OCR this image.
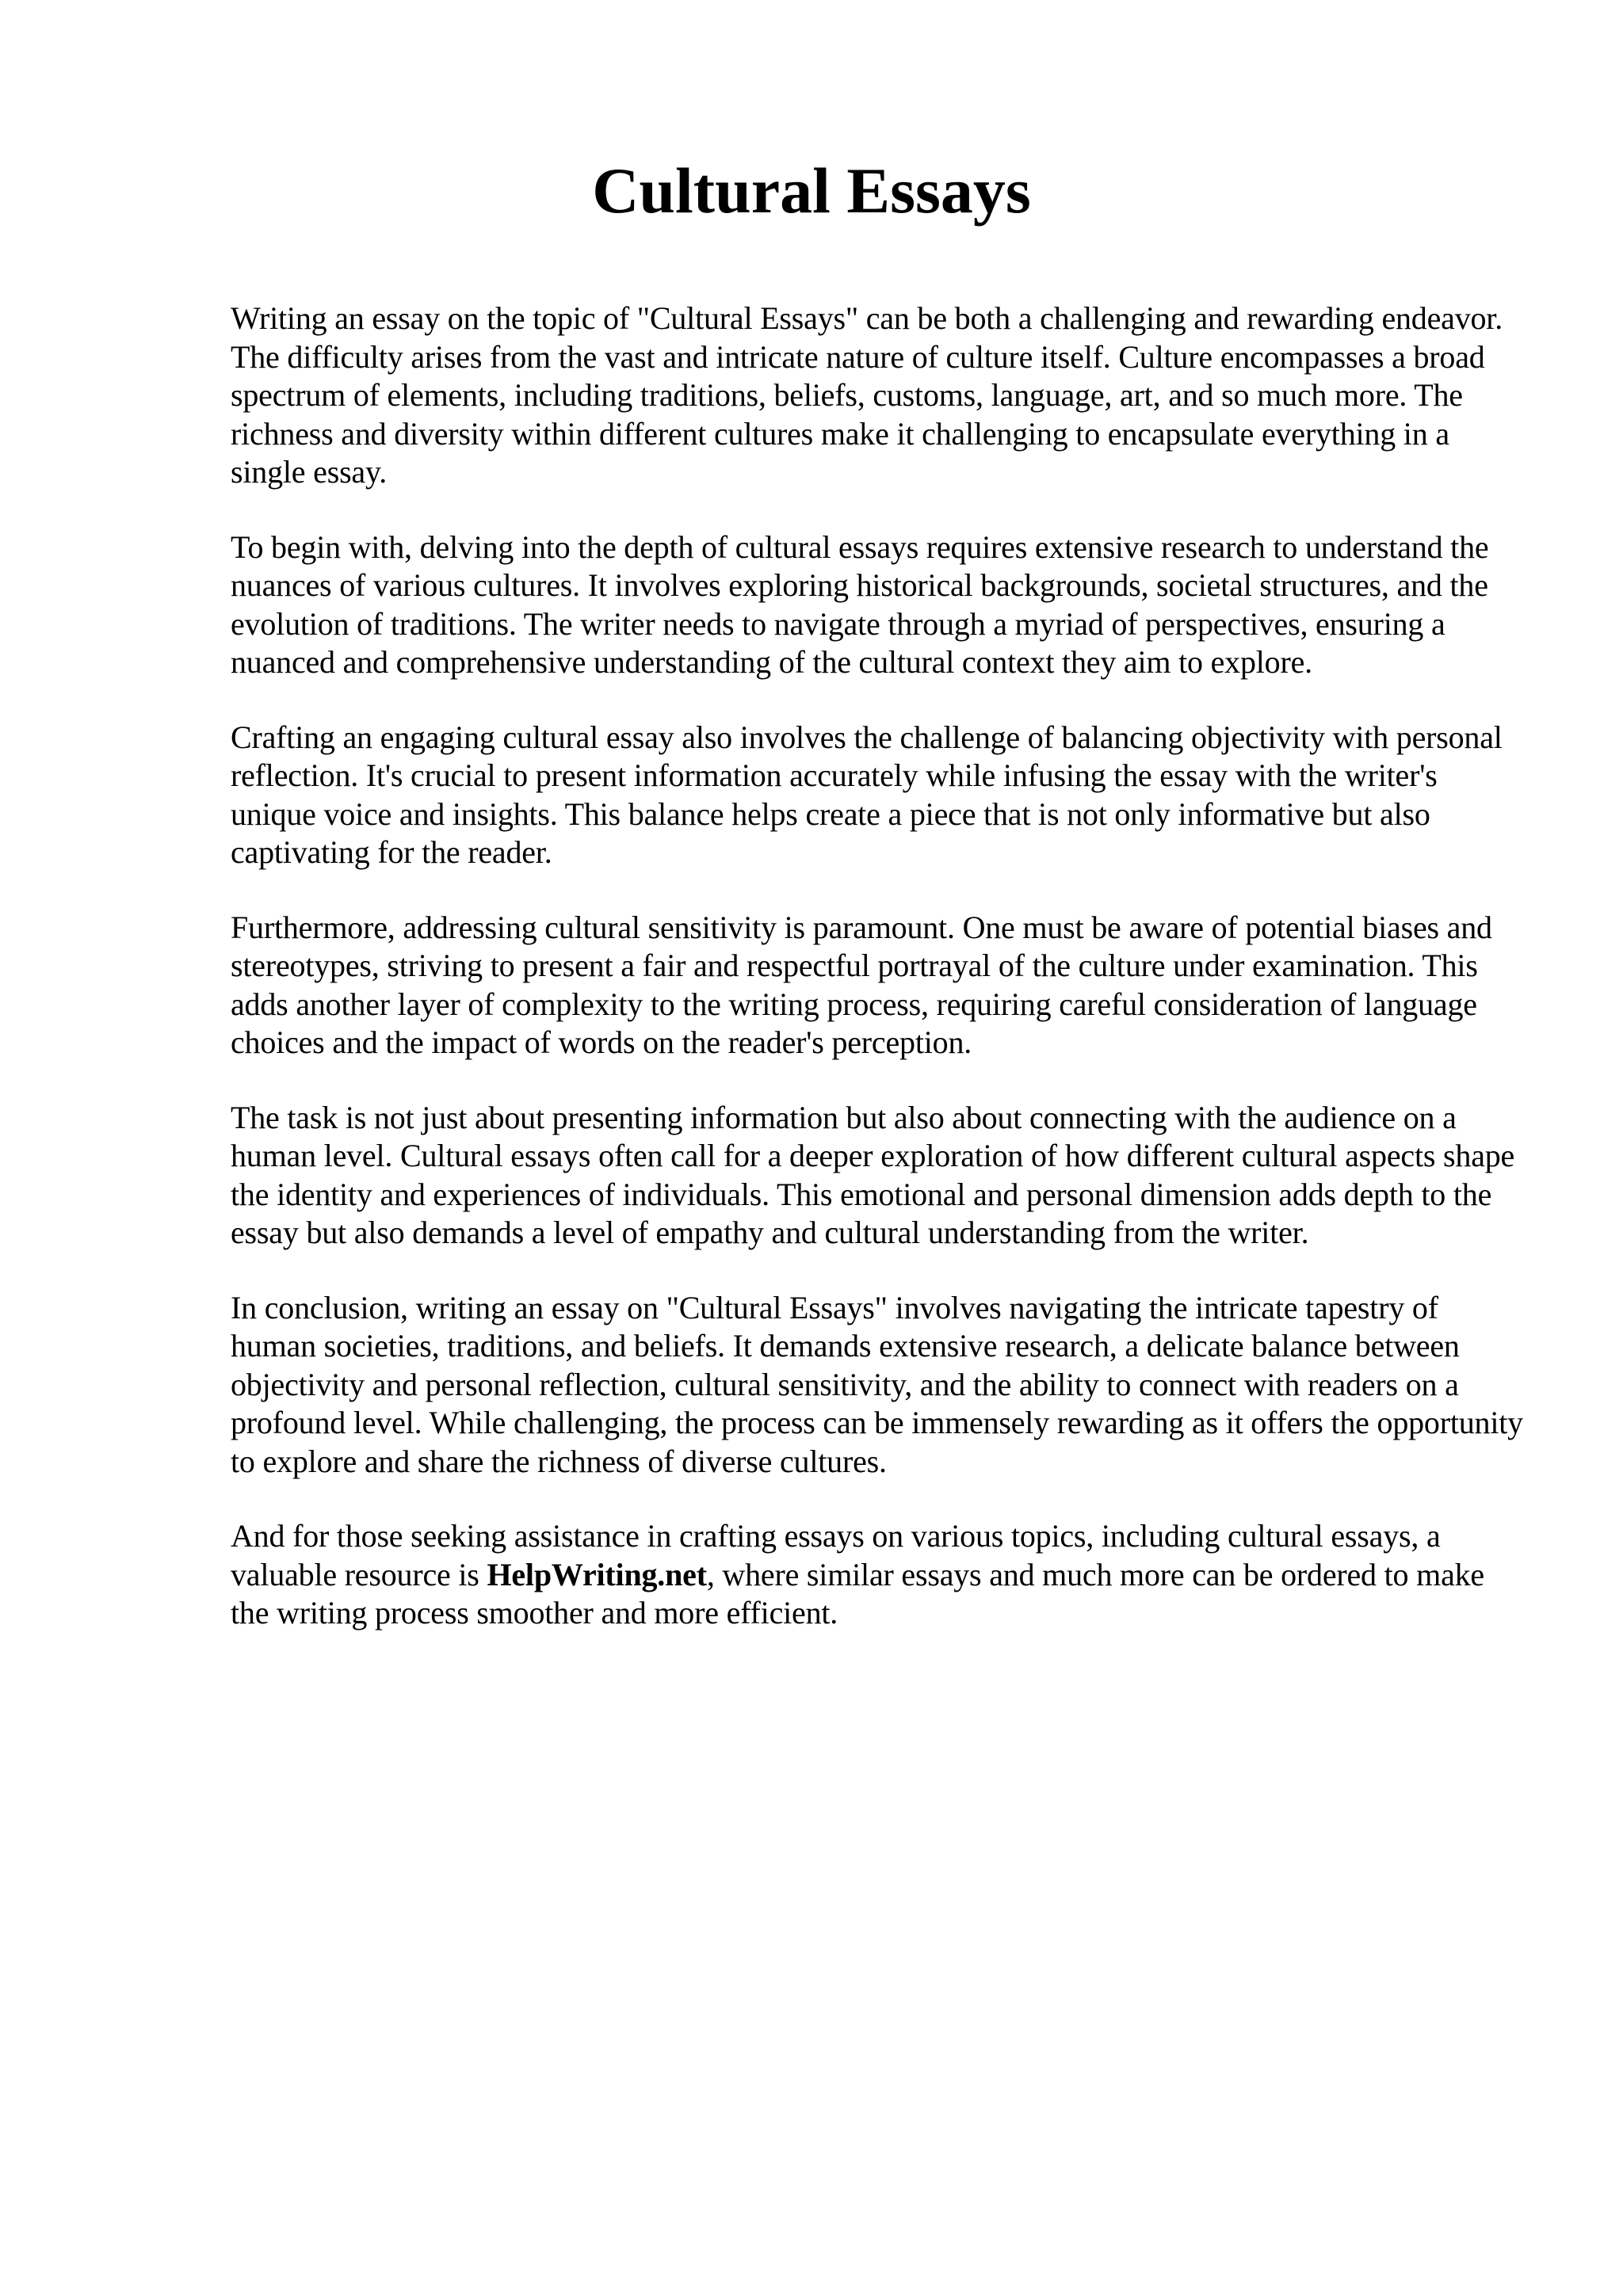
Cultural Essays

Writing an essay on the topic of "Cultural Essays" can be both a challenging and rewarding endeavor. The difficulty arises from the vast and intricate nature of culture itself. Culture encompasses a broad spectrum of elements, including traditions, beliefs, customs, language, art, and so much more. The richness and diversity within different cultures make it challenging to encapsulate everything in a single essay.

To begin with, delving into the depth of cultural essays requires extensive research to understand the nuances of various cultures. It involves exploring historical backgrounds, societal structures, and the evolution of traditions. The writer needs to navigate through a myriad of perspectives, ensuring a nuanced and comprehensive understanding of the cultural context they aim to explore.

Crafting an engaging cultural essay also involves the challenge of balancing objectivity with personal reflection. It's crucial to present information accurately while infusing the essay with the writer's unique voice and insights. This balance helps create a piece that is not only informative but also captivating for the reader.

Furthermore, addressing cultural sensitivity is paramount. One must be aware of potential biases and stereotypes, striving to present a fair and respectful portrayal of the culture under examination. This adds another layer of complexity to the writing process, requiring careful consideration of language choices and the impact of words on the reader's perception.

The task is not just about presenting information but also about connecting with the audience on a human level. Cultural essays often call for a deeper exploration of how different cultural aspects shape the identity and experiences of individuals. This emotional and personal dimension adds depth to the essay but also demands a level of empathy and cultural understanding from the writer.

In conclusion, writing an essay on "Cultural Essays" involves navigating the intricate tapestry of human societies, traditions, and beliefs. It demands extensive research, a delicate balance between objectivity and personal reflection, cultural sensitivity, and the ability to connect with readers on a profound level. While challenging, the process can be immensely rewarding as it offers the opportunity to explore and share the richness of diverse cultures.

And for those seeking assistance in crafting essays on various topics, including cultural essays, a valuable resource is HelpWriting.net, where similar essays and much more can be ordered to make the writing process smoother and more efficient.
